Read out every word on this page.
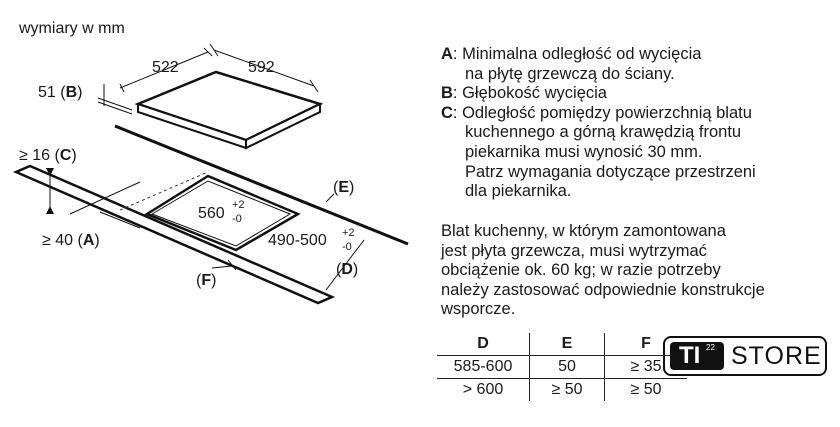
wymiary w mm
522	592
51 (B)
≥ 16 (C)
≥ 40 (A)
560 +2
-0
490-500 +2
-0
(E)
(D)
(F)
A: Minimalna odległość od wycięcia
na płytę grzewczą do ściany.
B: Głębokość wycięcia
C: Odległość pomiędzy powierzchnią blatu
kuchennego a górną krawędzią frontu
piekarnika musi wynosić 30 mm.
Patrz wymagania dotyczące przestrzeni
dla piekarnika.
Blat kuchenny, w którym zamontowana
jest płyta grzewcza, musi wytrzymać
obciążenie ok. 60 kg; w razie potrzeby
należy zastosować odpowiednie konstrukcje
wsporcze.
D	E	F
585-600	50	≥ 35
> 600	≥ 50	≥ 50
TI 22 STORE
